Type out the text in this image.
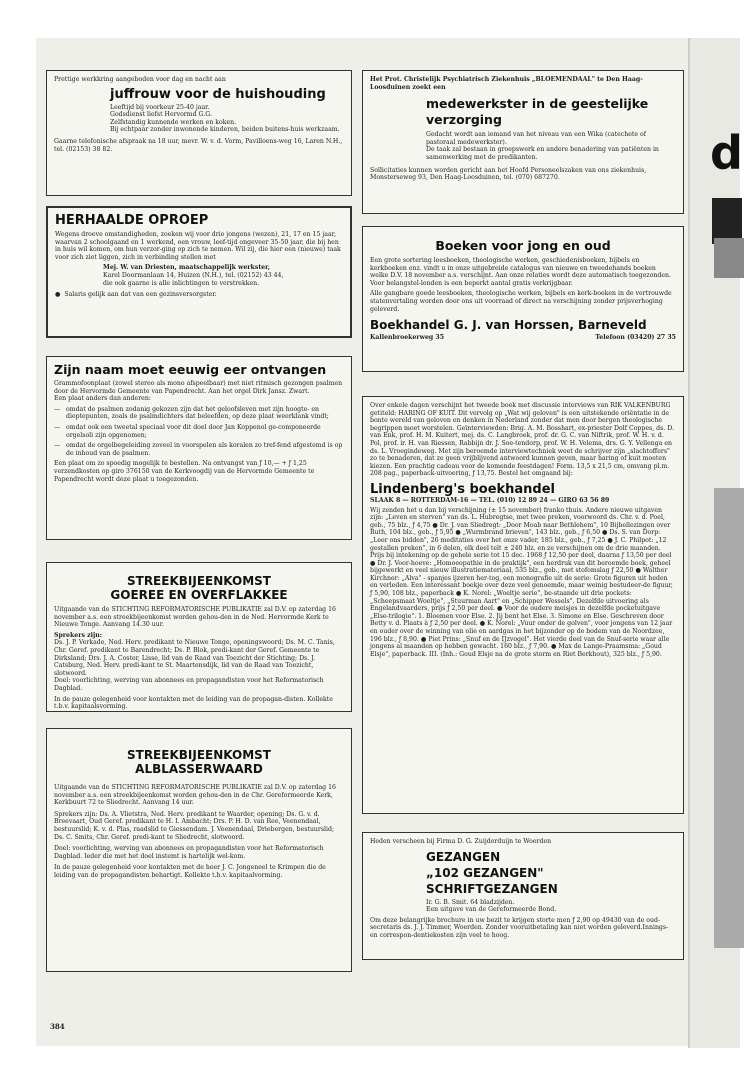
d

Prettige werkkring aangeboden voor dag en nacht aan

juffrouw voor de huishouding

Leeftijd bij voorkeur 25-40 jaar.

Godsdienst liefst Hervormd G.G.

Zelfstandig kunnende werken en koken.

Bij echtpaar zonder inwonende kinderen, beiden buitens-huis werkzaam.

Gaarne telefonische afspraak na 18 uur, mevr. W. v. d. Vorm, Pavilloens-weg 16, Laren N.H., tel. (02153) 38 82.

HERHAALDE OPROEP

Wegens droeve omstandigheden, zoeken wij voor drie jongens (wezen), 21, 17 en 15 jaar, waarvan 2 schoolgaand en 1 werkend, een vrouw, leef-tijd ongeveer 35-50 jaar, die bij hen in huis wil komen, om hun verzor-ging op zich te nemen. Wil zij, die hier een (nieuwe) taak voor zich ziet liggen, zich in verbinding stellen met

Mej. W. van Driesten, maatschappelijk werkster,

Karel Doormanlaan 14, Huizen (N.H.), tel. (02152) 43 44,

die ook gaarne is alle inlichtingen te verstrekken.

● Salaris gelijk aan dat van een gezinsversorgster.

Zijn naam moet eeuwig eer ontvangen

Grammofoonplaat (zowel stereo als mono afspeelbaar) met niet ritmisch gezongen psalmen door de Hervormde Gemeente van Papendrecht. Aan het orgel Dirk Jansz. Zwart.

Een plaat anders dan anderen:

— omdat de psalmen zodanig gekozen zijn dat het geloofsleven met zijn hoogte- en dieptepunten, zoals de psalmdichters dat beleefden, op deze plaat weerklank vindt;
— omdat ook een tweetal speciaal voor dit doel door Jan Koppenol ge-componeerde orgelsoli zijn opgenomen;
— omdat de orgelbegeleiding zoveel in voorspelen als koralen zo tref-fend afgestemd is op de inhoud van de psalmen.

Een plaat om zo spoedig mogelijk te bestellen. Na ontvangst van ƒ 10,— + ƒ 1,25 verzendkosten op giro 376150 van de Kerkvoogdij van de Hervormde Gemeente te Papendrecht wordt deze plaat u toegezonden.

STREEKBIJEENKOMST
GOEREE EN OVERFLAKKEE

Uitgaande van de STICHTING REFORMATORISCHE PUBLIKATIE zal D.V. op zaterdag 16 november a.s. een streekbijeenkomst worden gehou-den in de Ned. Hervormde Kerk te Nieuwe Tonge. Aanvang 14.30 uur.

Sprekers zijn:

Ds. J. P. Verkade, Ned. Herv. predikant te Nieuwe Tonge, openingswoord; Ds. M. C. Tanis, Chr. Geref. predikant te Barendrecht; Ds. P. Blok, predi-kant der Geref. Gemeente te Dirksland; Drs. J. A. Coster, Lisse, lid van de Raad van Toezicht der Stichting; Ds. J. Catsburg, Ned. Herv. predi-kant te St. Maartensdijk, lid van de Raad van Toezicht, slotwoord.

Doel: voorlichting, werving van abonnees en propagandisten voor het Reformatorisch Dagblad.

In de pauze gelegenheid voor kontakten met de leiding van de propagan-disten. Kollekte t.b.v. kapitaalsvorming.

STREEKBIJEENKOMST
ALBLASSERWAARD

Uitgaande van de STICHTING REFORMATORISCHE PUBLIKATIE zal D.V. op zaterdag 16 november a.s. een streekbijeenkomst worden gehou-den in de Chr. Gereformeerde Kerk, Kerkbuurt 72 te Sliedrecht. Aanvang 14 uur.

Sprekers zijn: Ds. A. Vlietstra, Ned. Herv. predikant te Waarder, opening; Ds. G. v. d. Breevaart, Oud Geref. predikant te H. I. Ambacht; Drs. P. H. D. van Ree, Veenendaal, bestuurslid; K. v. d. Plas, raadslid te Giessendam. J. Veenendaal, Driebergen, bestuurslid; Ds. C. Smits, Chr. Geref. predi-kant te Sliedrecht, slotwoord.

Doel: voorlichting, werving van abonnees en propagandisten voor het Reformatorisch Dagblad. Ieder die met het doel instemt is hartelijk wel-kom.

In de pauze gelegenheid voor kontakten met de heer J. C. Jongeneel te Krimpen die de leiding van de propagandisten behartigt. Kollekte t.b.v. kapitaalvorming.

Het Prot. Christelijk Psychiatrisch Ziekenhuis „BLOEMENDAAL" te Den Haag-Loosduinen zoekt een

medewerkster in de geestelijke verzorging

Gedacht wordt aan iemand van het niveau van een Wika (catechete of pastoraal medewerkster).

De taak zal bestaan in groepswerk en andere benadering van patiënten in samenwerking met de predikanten.

Sollicitaties kunnen worden gericht aan het Hoofd Personeelszaken van ons ziekenhuis, Monsterseweg 93, Den Haag-Loosduinen, tel. (070) 687270.

Boeken voor jong en oud

Een grote sortering leesboeken, theologische werken, geschiedenisboeken, bijbels en kerkboeken enz. vindt u in onze uitgebreide catalogus van nieuwe en tweedehands boeken welke D.V. 18 november a.s. verschijnt. Aan onze relaties wordt deze automatisch toegezonden. Voor belangstel-lenden is een beperkt aantal gratis verkrijgbaar.

Alle gangbare goede leesboeken, theologische werken, bijbels en kerk-boeken in de vertrouwde statenvertaling worden door ons uit voorraad of direct na verschijning zonder prijsverhoging geleverd.

Boekhandel G. J. van Horssen, Barneveld
Kallenbroekerweg 35	Telefoon (03420) 27 35

Over enkele dagen verschijnt het tweede boek met discussie interviews van RIK VALKENBURG getiteld: HARING OF KUIT. Dit vervolg op „Wat wij geloven" is een uitstekende oriëntatie in de bonte wereld van geloven en denken in Nederland zonder dat men door bergen theologische begrippen moet worstelen. Geïnterviewden: Brig. A. M. Bosshart, ex-priester Dolf Coppes, ds. D. van Enk, prof. H. M. Kuitert, mej. ds. C. Langbroek, prof. dr. G. C. van Niftrik, prof. W. H. v. d. Pol, prof. ir. H. van Riessen, Rabbijn dr. J. Soe-tendorp, prof. W. H. Velema, drs. G. Y. Vellenga en ds. L. Vroegindeweg. Met zijn beroemde interviewtechniek weet de schrijver zijn „slachtoffers" zo te benaderen, dat ze geen vrijblijvend antwoord kunnen geven, maar haring of kuit moeten kiezen. Een prachtig cadeau voor de komende feestdagen! Form. 13,5 x 21,5 cm, omvang pl.m. 208 pag., paperback-uitvoering, ƒ 13,75. Bestel het omgaand bij:

Lindenberg's boekhandel

SLAAK 8 — ROTTERDAM-16 — TEL. (010) 12 89 24 — GIRO 63 56 89

Wij zenden het u dan bij verschijning (± 15 november) franko thuis. Andere nieuwe uitgaven zijn: „Leven en sterven" van ds. L. Hubregtse, met twee preken, voorwoord ds. Chr. v. d. Poel, geb., 75 blz., ƒ 4,75 ● Dr. J. van Sliedregt: „Door Moab naar Bethlehem", 10 Bijbellezingen over Ruth, 104 blz., geb., ƒ 5,95 ● „Wurmbrand brieven", 143 blz., geb., ƒ 6,50 ● Ds. S. van Dorp: „Leer ons bidden", 26 meditaties over het onze vader, 185 blz., geb., ƒ 7,25 ● J. C. Philpot: „12 gestallen preken", in 6 delen, elk deel telt ± 240 blz. en ze verschijnen om de drie maanden. Prijs bij intekening op de gehele serie tot 15 dec. 1968 ƒ 12,50 per deel, daarna ƒ 13,50 per deel ● Dr. J. Voor-hoeve: „Homoeopathie in de praktijk", een herdruk van dit beroemde boek, geheel bijgewerkt en veel nieuw illustratiemateriaal, 535 blz., geb., met stofomslag ƒ 22,50 ● Walther Kirchner: „Alva" - spanjes ijzeren her-tog, een monografie uit de serie: Grote figuren uit heden en verleden. Een interessant boekje over deze veel genoemde, maar weinig bestudeer-de figuur, ƒ 5,90, 108 blz., paperback ● K. Norel: „Woeltje serie", be-staande uit drie pockets: „Scheepsmaat Woeltje", „Stuurman Aart" en „Schipper Wessels". Dezelfde uitvoering als Engelandvaarders, prijs ƒ 2,50 per deel. ● Voor de oudere meisjes in dezelfde pocketuitgave „Else-trilogie". 1. Bloemen voor Else. 2. Jij bent het Else. 3. Simone en Else. Geschreven door Betty v. d. Plaats à ƒ 2,50 per deel. ● K. Norel: „Vuur onder de golven", voor jongens van 12 jaar en ouder over de winning van olie en aardgas in het bijzonder op de bodem van de Noordzee, 196 blz., ƒ 8,90. ● Piet Prins: „Snuf en de IJzvogel". Het vierde deel van de Snuf-serie waar alle jongens al maanden op hebben gewacht. 160 blz., ƒ 7,90. ● Max de Lange-Praamsma: „Goud Elsje", paperback. III. (Inh.: Goud Elsje na de grote storm en Riet Berkhout), 325 blz., ƒ 5,90.

Heden verscheen bij Firma D. G. Zuijderduijn te Woerden

GEZANGEN
„102 GEZANGEN"
SCHRIFTGEZANGEN

Ir. G. B. Smit. 64 bladzijden.

Een uitgave van de Gereformeerde Bond.

Om deze belangrijke brochure in uw bezit te krijgen storte men ƒ 2,90 op 49430 van de oud-secretaris ds. J. J. Timmer, Woerden. Zonder vooruitbetaling kan niet worden geleverd.Innings- en correspon-dentiekosten zijn veel te hoog.

384
